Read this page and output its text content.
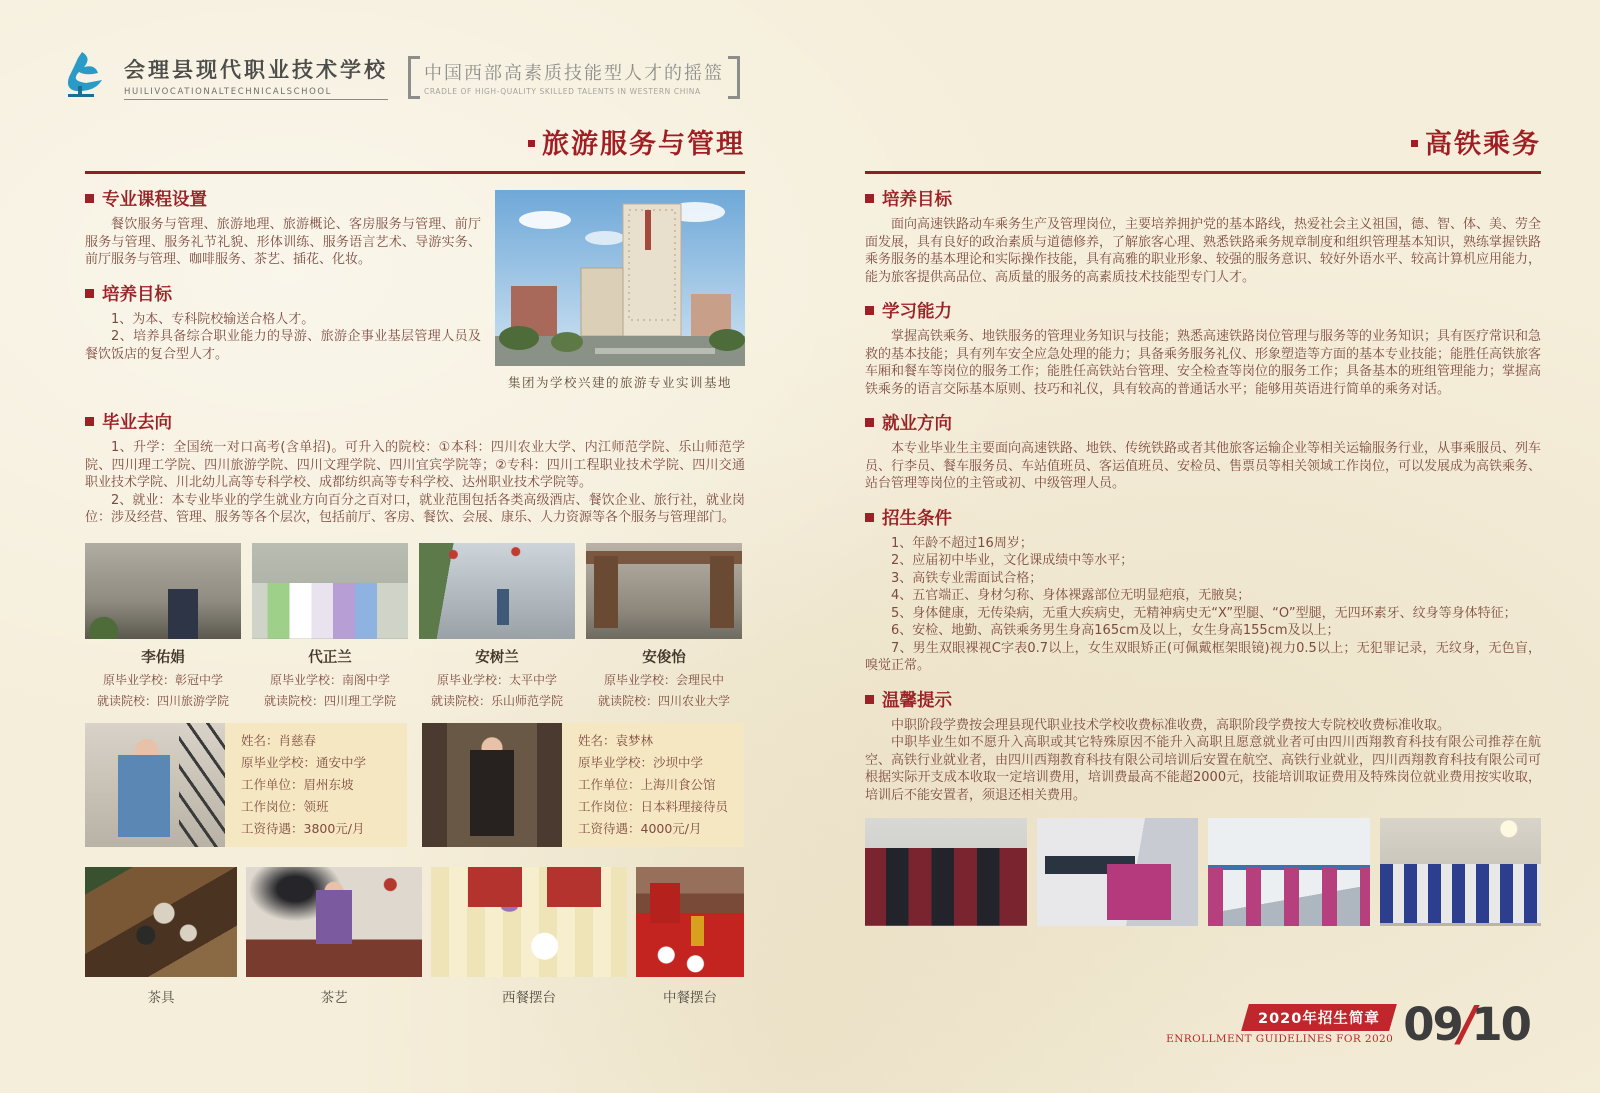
会理县现代职业技术学校
HUILIVOCATIONALTECHNICALSCHOOL
中国西部高素质技能型人才的摇篮
CRADLE OF HIGH-QUALITY SKILLED TALENTS IN WESTERN CHINA
旅游服务与管理
集团为学校兴建的旅游专业实训基地
专业课程设置

餐饮服务与管理、旅游地理、旅游概论、客房服务与管理、前厅服务与管理、服务礼节礼貌、形体训练、服务语言艺术、导游实务、前厅服务与管理、咖啡服务、茶艺、插花、化妆。

培养目标

1、为本、专科院校输送合格人才。

2、培养具备综合职业能力的导游、旅游企事业基层管理人员及餐饮饭店的复合型人才。

毕业去向

1、升学：全国统一对口高考(含单招)。可升入的院校：①本科：四川农业大学、内江师范学院、乐山师范学院、四川理工学院、四川旅游学院、四川文理学院、四川宜宾学院等；②专科：四川工程职业技术学院、四川交通职业技术学院、川北幼儿高等专科学校、成都纺织高等专科学校、达州职业技术学院等。

2、就业：本专业毕业的学生就业方向百分之百对口，就业范围包括各类高级酒店、餐饮企业、旅行社，就业岗位：涉及经营、管理、服务等各个层次，包括前厅、客房、餐饮、会展、康乐、人力资源等各个服务与管理部门。

李佑娟
原毕业学校：彰冠中学
就读院校：四川旅游学院
代正兰
原毕业学校：南阁中学
就读院校：四川理工学院
安树兰
原毕业学校：太平中学
就读院校：乐山师范学院
安俊怡
原毕业学校：会理民中
就读院校：四川农业大学
姓名：肖慈春
原毕业学校：通安中学
工作单位：眉州东坡
工作岗位：领班
工资待遇：3800元/月
姓名：袁梦林
原毕业学校：沙坝中学
工作单位：上海川食公馆
工作岗位：日本料理接待员
工资待遇：4000元/月
茶具	茶艺	西餐摆台	中餐摆台
高铁乘务
培养目标

面向高速铁路动车乘务生产及管理岗位，主要培养拥护党的基本路线，热爱社会主义祖国，德、智、体、美、劳全面发展，具有良好的政治素质与道德修养，了解旅客心理、熟悉铁路乘务规章制度和组织管理基本知识，熟练掌握铁路乘务服务的基本理论和实际操作技能，具有高雅的职业形象、较强的服务意识、较好外语水平、较高计算机应用能力，能为旅客提供高品位、高质量的服务的高素质技术技能型专门人才。

学习能力

掌握高铁乘务、地铁服务的管理业务知识与技能；熟悉高速铁路岗位管理与服务等的业务知识；具有医疗常识和急救的基本技能；具有列车安全应急处理的能力；具备乘务服务礼仪、形象塑造等方面的基本专业技能；能胜任高铁旅客车厢和餐车等岗位的服务工作；能胜任高铁站台管理、安全检查等岗位的服务工作；具备基本的班组管理能力；掌握高铁乘务的语言交际基本原则、技巧和礼仪，具有较高的普通话水平；能够用英语进行简单的乘务对话。

就业方向

本专业毕业生主要面向高速铁路、地铁、传统铁路或者其他旅客运输企业等相关运输服务行业，从事乘服员、列车员、行李员、餐车服务员、车站值班员、客运值班员、安检员、售票员等相关领域工作岗位，可以发展成为高铁乘务、站台管理等岗位的主管或初、中级管理人员。

招生条件

1、年龄不超过16周岁；

2、应届初中毕业，文化课成绩中等水平；

3、高铁专业需面试合格；

4、五官端正、身材匀称、身体裸露部位无明显疤痕，无腋臭；

5、身体健康，无传染病，无重大疾病史，无精神病史无“X”型腿、“O”型腿，无四环素牙、纹身等身体特征；

6、安检、地勤、高铁乘务男生身高165cm及以上，女生身高155cm及以上；

7、男生双眼裸视C字表0.7以上，女生双眼矫正(可佩戴框架眼镜)视力0.5以上；无犯罪记录，无纹身，无色盲，嗅觉正常。

温馨提示

中职阶段学费按会理县现代职业技术学校收费标准收费，高职阶段学费按大专院校收费标准收取。

中职毕业生如不愿升入高职或其它特殊原因不能升入高职且愿意就业者可由四川西翔教育科技有限公司推荐在航空、高铁行业就业者，由四川西翔教育科技有限公司培训后安置在航空、高铁行业就业，四川西翔教育科技有限公司可根据实际开支成本收取一定培训费用，培训费最高不能超2000元，技能培训取证费用及特殊岗位就业费用按实收取，培训后不能安置者，须退还相关费用。

2020年招生简章
ENROLLMENT GUIDELINES FOR 2020 09
/
10
